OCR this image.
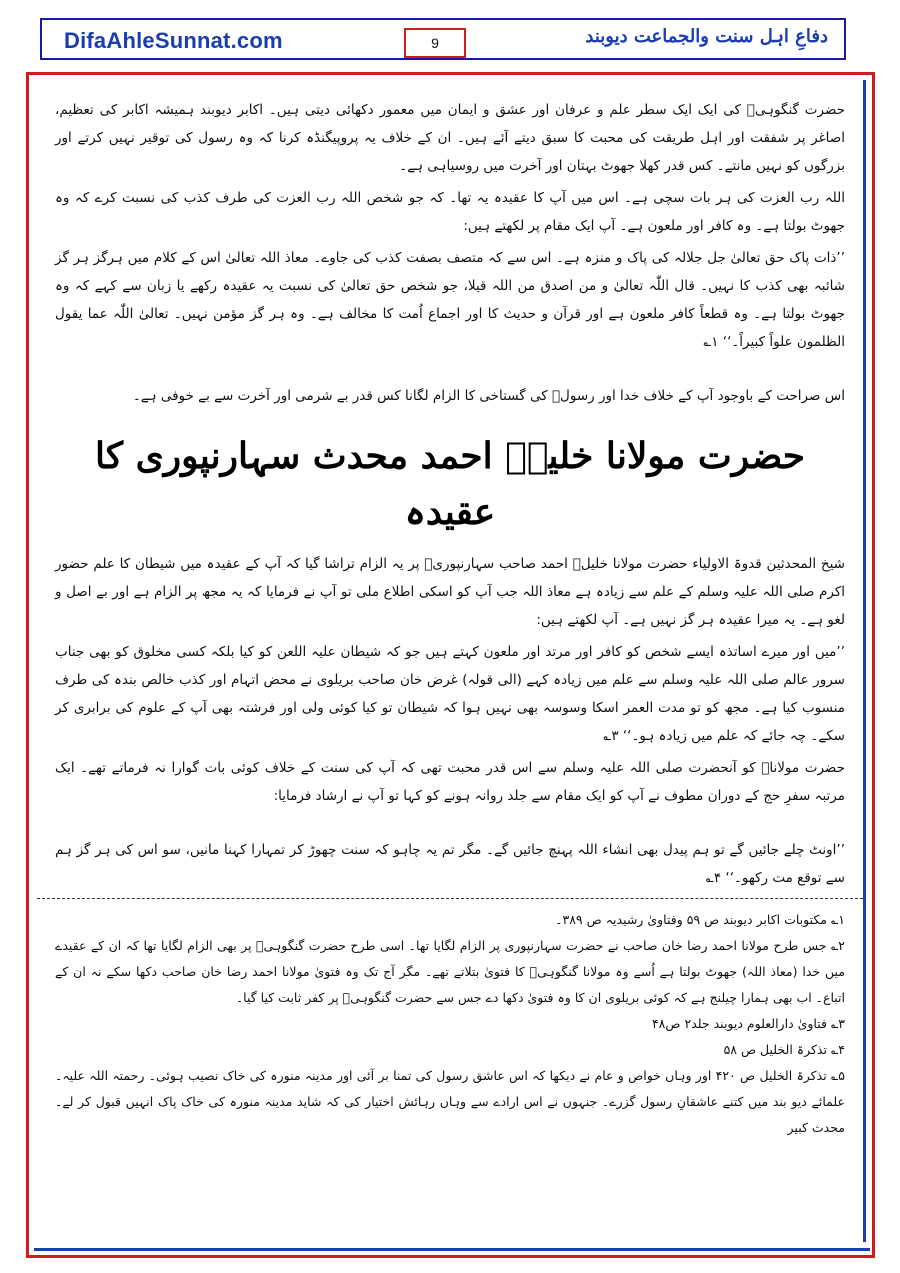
DifaAhleSunnat.com	9	دفاعِ اہل سنت والجماعت دیوبند

حضرت گنگوہیؒ کی ایک ایک سطر علم و عرفان اور عشق و ایمان میں معمور دکھائی دیتی ہیں۔ اکابر دیوبند ہمیشہ اکابر کی تعظیم، اصاغر پر شفقت اور اہل طریقت کی محبت کا سبق دیتے آئے ہیں۔ ان کے خلاف یہ پروپیگنڈہ کرنا کہ وہ رسول کی توقیر نہیں کرتے اور بزرگوں کو نہیں مانتے۔ کس قدر کھلا جھوٹ بہتان اور آخرت میں روسیاہی ہے۔

اللہ رب العزت کی ہر بات سچی ہے۔ اس میں آپ کا عقیدہ یہ تھا۔ کہ جو شخص اللہ رب العزت کی طرف کذب کی نسبت کرے کہ وہ جھوٹ بولتا ہے۔ وہ کافر اور ملعون ہے۔ آپ ایک مقام پر لکھتے ہیں:

’’ذات پاک حق تعالیٰ جل جلالہ کی پاک و منزہ ہے۔ اس سے کہ متصف بصفت کذب کی جاوے۔ معاذ اللہ تعالیٰ اس کے کلام میں ہرگز ہر گز شائبہ بھی کذب کا نہیں۔ قال اللّٰہ تعالیٰ و من اصدق من اللہ قیلا، جو شخص حق تعالیٰ کی نسبت یہ عقیدہ رکھے یا زبان سے کہے کہ وہ جھوٹ بولتا ہے۔ وہ قطعاً کافر ملعون ہے اور قرآن و حدیث کا اور اجماع اُمت کا مخالف ہے۔ وہ ہر گز مؤمن نہیں۔ تعالیٰ اللّٰہ عما یقول الظلمون علواً کبیراً۔‘‘ ۱؎

اس صراحت کے باوجود آپ کے خلاف خدا اور رسولؐ کی گستاخی کا الزام لگانا کس قدر بے شرمی اور آخرت سے بے خوفی ہے۔

حضرت مولانا خلیلؒ احمد محدث سہارنپوری کا عقیدہ

شیخ المحدثین قدوۃ الاولیاء حضرت مولانا خلیلؒ احمد صاحب سہارنپوریؒ پر یہ الزام تراشا گیا کہ آپ کے عقیدہ میں شیطان کا علم حضور اکرم صلی اللہ علیہ وسلم کے علم سے زیادہ ہے معاذ اللہ جب آپ کو اسکی اطلاع ملی تو آپ نے فرمایا کہ یہ مجھ پر الزام ہے اور بے اصل و لغو ہے۔ یہ میرا عقیدہ ہر گز نہیں ہے۔ آپ لکھتے ہیں:

’’میں اور میرے اساتذہ ایسے شخص کو کافر اور مرتد اور ملعون کہتے ہیں جو کہ شیطان علیہ اللعن کو کیا بلکہ کسی مخلوق کو بھی جناب سرور عالم صلی اللہ علیہ وسلم سے علم میں زیادہ کہے (الی قولہ) غرض خان صاحب بریلوی نے محض اتہام اور کذب خالص بندہ کی طرف منسوب کیا ہے۔ مجھ کو تو مدت العمر اسکا وسوسہ بھی نہیں ہوا کہ شیطان تو کیا کوئی ولی اور فرشتہ بھی آپ کے علوم کی برابری کر سکے۔ چہ جائے کہ علم میں زیادہ ہو۔‘‘ ۳؎

حضرت مولاناؒ کو آنحضرت صلی اللہ علیہ وسلم سے اس قدر محبت تھی کہ آپ کی سنت کے خلاف کوئی بات گوارا نہ فرماتے تھے۔ ایک مرتبہ سفرِ حج کے دوران مطوف نے آپ کو ایک مقام سے جلد روانہ ہونے کو کہا تو آپ نے ارشاد فرمایا:

’’اونٹ چلے جائیں گے تو ہم پیدل بھی انشاء اللہ پہنچ جائیں گے۔ مگر تم یہ چاہو کہ سنت چھوڑ کر تمہارا کہنا مانیں، سو اس کی ہر گز ہم سے توقع مت رکھو۔‘‘ ۴؎

۱؎ مکتوبات اکابر دیوبند ص ۵۹ وفتاویٰ رشیدیہ ص ۳۸۹۔

۲؎ جس طرح مولانا احمد رضا خان صاحب نے حضرت سہارنپوری پر الزام لگایا تھا۔ اسی طرح حضرت گنگوہیؒ پر بھی الزام لگایا تھا کہ ان کے عقیدے میں خدا (معاذ اللہ) جھوٹ بولتا ہے اُسے وہ مولانا گنگوہیؒ کا فتویٰ بتلاتے تھے۔ مگر آج تک وہ فتویٰ مولانا احمد رضا خان صاحب دکھا سکے نہ ان کے اتباع۔ اب بھی ہمارا چیلنج ہے کہ کوئی بریلوی ان کا وہ فتویٰ دکھا دے جس سے حضرت گنگوہیؒ پر کفر ثابت کیا گیا۔

۳؎ فتاویٰ دارالعلوم دیوبند جلد۲ ص۴۸

۴؎ تذکرۃ الخلیل ص ۵۸

۵؎ تذکرۃ الخلیل ص ۴۲۰ اور وہاں خواص و عام نے دیکھا کہ اس عاشق رسول کی تمنا بر آئی اور مدینہ منورہ کی خاک نصیب ہوئی۔ رحمتہ اللہ علیہ۔ علمائے دیو بند میں کتنے عاشقانِ رسول گزرے۔ جنہوں نے اس ارادے سے وہاں رہائش اختیار کی کہ شاید مدینہ منورہ کی خاک پاک انہیں قبول کر لے۔ محدث کبیر
